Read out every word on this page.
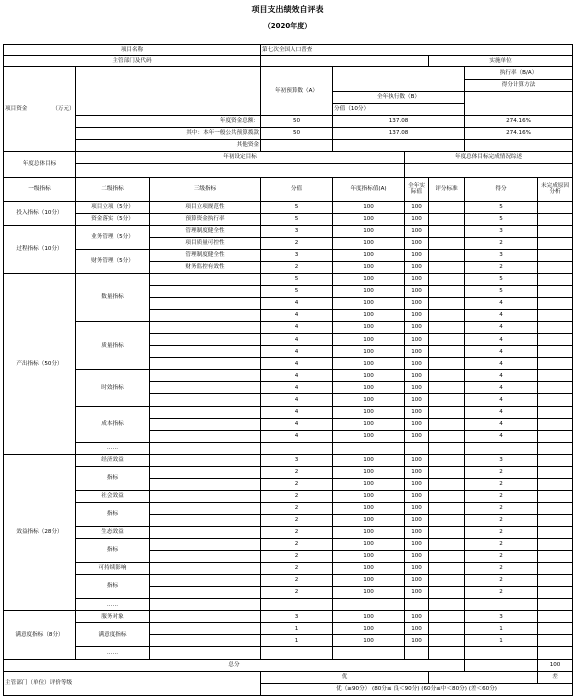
项目支出绩效自评表
（2020年度）
项目名称			第七次全国人口普查					
主管部门及代码						实施单位		
项目资金 （万元）			年初预算数（A）				执行率（B/A）	
							得分计算方法	
				全年执行数（B）				
				分值（10分）				
	年度资金总额：		50	137.08			274.16%	
	其中：本年一般公共预算拨款		50	137.08			274.16%	
	其他资金							
年度总体目标	年初设定目标				年度总体目标完成情况综述			

一级指标	二级指标	三级指标	分值	年度指标值(A)	全年实际值	评分标准	得分	未完成原因分析
投入指标（10分）	项目立项（5分）	项目立项规范性	5	100	100		5	
	资金落实（5分）	预算资金执行率	5	100	100		5	
过程指标（10分）	业务管理（5分）	管理制度健全性	3	100	100		3	
		项目质量可控性	2	100	100		2	
	财务管理（5分）	管理制度健全性	3	100	100		3	
		财务监控有效性	2	100	100		2	
产出指标（50分）	数量指标		5	100	100		5	
			5	100	100		5	
			4	100	100		4	
			4	100	100		4	
	质量指标		4	100	100		4	
			4	100	100		4	
			4	100	100		4	
			4	100	100		4	
	时效指标		4	100	100		4	
			4	100	100		4	
			4	100	100		4	
	成本指标		4	100	100		4	
			4	100	100		4	
			4	100	100		4	
	……							
效益指标（28分）	经济效益		3	100	100		3	
	指标		2	100	100		2	
			2	100	100		2	
	社会效益		2	100	100		2	
	指标		2	100	100		2	
			2	100	100		2	
	生态效益		2	100	100		2	
	指标		2	100	100		2	
			2	100	100		2	
	可持续影响		2	100	100		2	
	指标		2	100	100		2	
			2	100	100		2	
	……							
满意度指标（8分）	服务对象		3	100	100		3	
	满意度指标		1	100	100		1	
			1	100	100		1	
	……							
总分								100
主管部门（单位）评价等级			优					差
			优（≥90分） (80分≤ 良＜90分) (60分≤中＜80分) (差＜60分)					
